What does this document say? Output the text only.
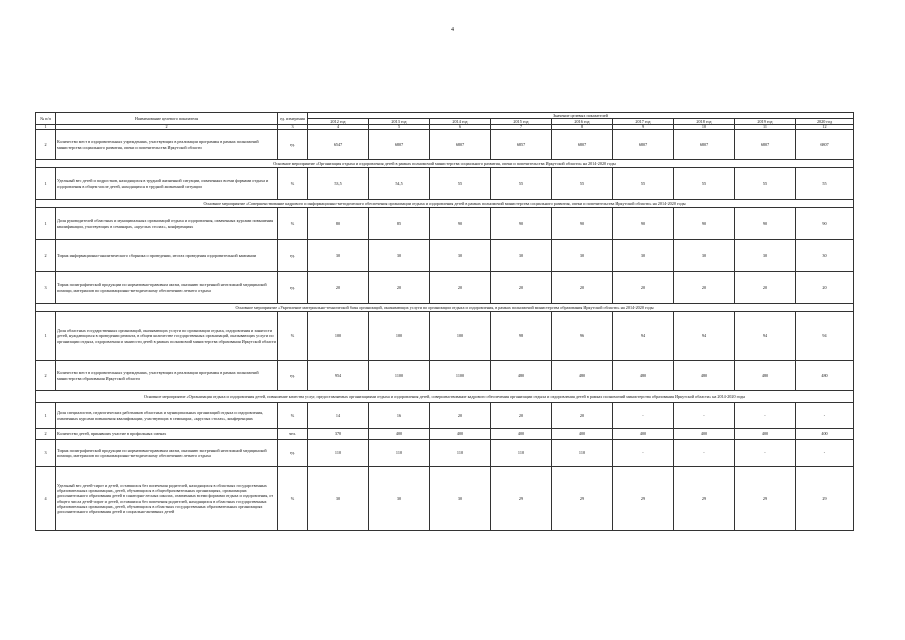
4
№ п/п	Наименование целевого показателя	ед. измерения	Значение целевых показателей								
			2012 год	2013 год	2014 год	2015 год	2016 год	2017 год	2018 год	2019 год	2020 год
1	2	3	4	5	6	7	8	9	10	11	12
2	Количество мест в оздоровительных учреждениях, участвующих в реализации программы в рамках полномочий министерства социального развития, опеки и попечительства Иркутской области	ед.	6547	6807	6807	6857	6807	6807	6807	6807	6807
Основное мероприятие «Организация отдыха и оздоровления детей в рамках полномочий министерства социального развития, опеки и попечительства Иркутской области» на 2014-2020 годы											
1	Удельный вес детей и подростков, находящихся в трудной жизненной ситуации, охваченных всеми формами отдыха и оздоровления в общем числе детей, находящихся в трудной жизненной ситуации	%	53,5	54,5	55	55	55	55	55	55	55
Основное мероприятие «Совершенствование кадрового и информационно-методического обеспечения организации отдыха и оздоровления детей в рамках полномочий министерства социального развития, опеки и попечительства Иркутской области» на 2014-2020 годы											
1	Доля руководителей областных и муниципальных организаций отдыха и оздоровления, охваченных курсами повышения квалификации, участвующих в семинарах, «круглых столах», конференциях	%	80	85	90	90	90	90	90	90	90
2	Тираж информационно-аналитического сборника о проведении, итогах проведения оздоровительной кампании	ед.	30	30	30	30	30	30	30	30	30
3	Тираж полиграфической продукции по нормативно-правовым актам, оказанию экстренной неотложной медицинской помощи, материалов по организационно-методическому обеспечению летнего отдыха	ед.	20	20	20	20	20	20	20	20	20
Основное мероприятие «Укрепление материально-технической базы организаций, оказывающих услуги по организации отдыха и оздоровления, в рамках полномочий министерства образования Иркутской области» на 2014-2020 годы											
1	Доля областных государственных организаций, оказывающих услуги по организации отдыха, оздоровления и занятости детей, нуждающихся в проведении ремонта, в общем количестве государственных организаций, оказывающих услуги по организации отдыха, оздоровления и занятости детей в рамках полномочий министерства образования Иркутской области	%	100	100	100	98	96	94	94	94	94
2	Количество мест в оздоровительных учреждениях, участвующих в реализации программы в рамках полномочий министерства образования Иркутской области	ед.	954	1100	1100	480	480	480	480	480	480
Основное мероприятие «Организация отдыха и оздоровления детей, повышение качества услуг, предоставляемых организациями отдыха и оздоровления детей, совершенствование кадрового обеспечения организации отдыха и оздоровления детей в рамках полномочий министерства образования Иркутской области» на 2014-2020 годы											
1	Доля специалистов, педагогических работников областных и муниципальных организаций отдыха и оздоровления, охваченных курсами повышения квалификации, участвующих в семинарах, «круглых столах», конференциях	%	14	16	20	20	20	-	-	-	-
2	Количество детей, принявших участие в профильных сменах	чел.	370	400	400	400	400	400	400	400	400
3	Тираж полиграфической продукции по нормативно-правовым актам, оказанию экстренной неотложной медицинской помощи, материалов по организационно-методическому обеспечению летнего отдыха	ед.	110	110	110	110	110	-	-	-	-
4	Удельный вес детей-сирот и детей, оставшихся без попечения родителей, находящихся в областных государственных образовательных организациях, детей, обучающихся в общеобразовательных организациях, организациях дополнительного образования детей в санаторно-лесных школах, охваченных всеми формами отдыха и оздоровления, от общего числа детей-сирот и детей, оставшихся без попечения родителей, находящихся в областных государственных образовательных организациях, детей, обучающихся в областных государственных образовательных организациях дополнительного образования детей и социально-активных детей	%	30	30	30	29	29	29	29	29	29
